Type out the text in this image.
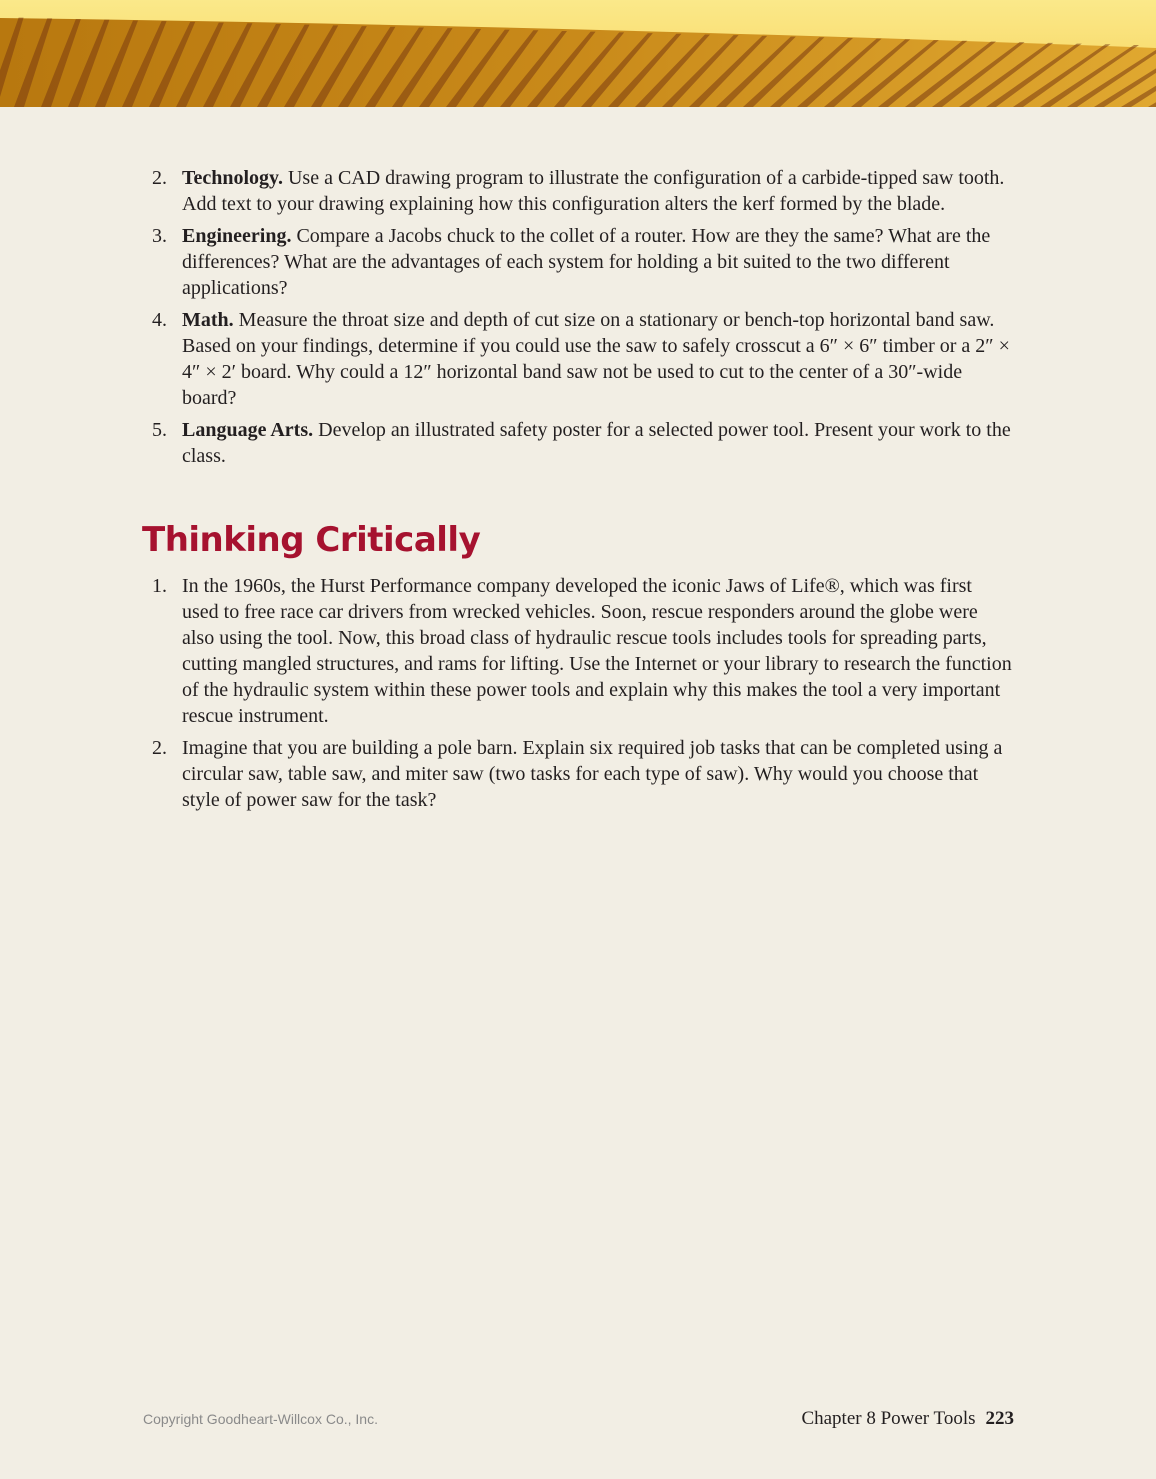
2. Technology. Use a CAD drawing program to illustrate the configuration of a carbide-tipped saw tooth. Add text to your drawing explaining how this configuration alters the kerf formed by the blade.
3. Engineering. Compare a Jacobs chuck to the collet of a router. How are they the same? What are the differences? What are the advantages of each system for holding a bit suited to the two different applications?
4. Math. Measure the throat size and depth of cut size on a stationary or bench-top horizontal band saw. Based on your findings, determine if you could use the saw to safely crosscut a 6″ × 6″ timber or a 2″ × 4″ × 2′ board. Why could a 12″ horizontal band saw not be used to cut to the center of a 30″-wide board?
5. Language Arts. Develop an illustrated safety poster for a selected power tool. Present your work to the class.
Thinking Critically
1. In the 1960s, the Hurst Performance company developed the iconic Jaws of Life®, which was first used to free race car drivers from wrecked vehicles. Soon, rescue responders around the globe were also using the tool. Now, this broad class of hydraulic rescue tools includes tools for spreading parts, cutting mangled structures, and rams for lifting. Use the Internet or your library to research the function of the hydraulic system within these power tools and explain why this makes the tool a very important rescue instrument.
2. Imagine that you are building a pole barn. Explain six required job tasks that can be completed using a circular saw, table saw, and miter saw (two tasks for each type of saw). Why would you choose that style of power saw for the task?
Copyright Goodheart-Willcox Co., Inc.	Chapter 8 Power Tools 223
